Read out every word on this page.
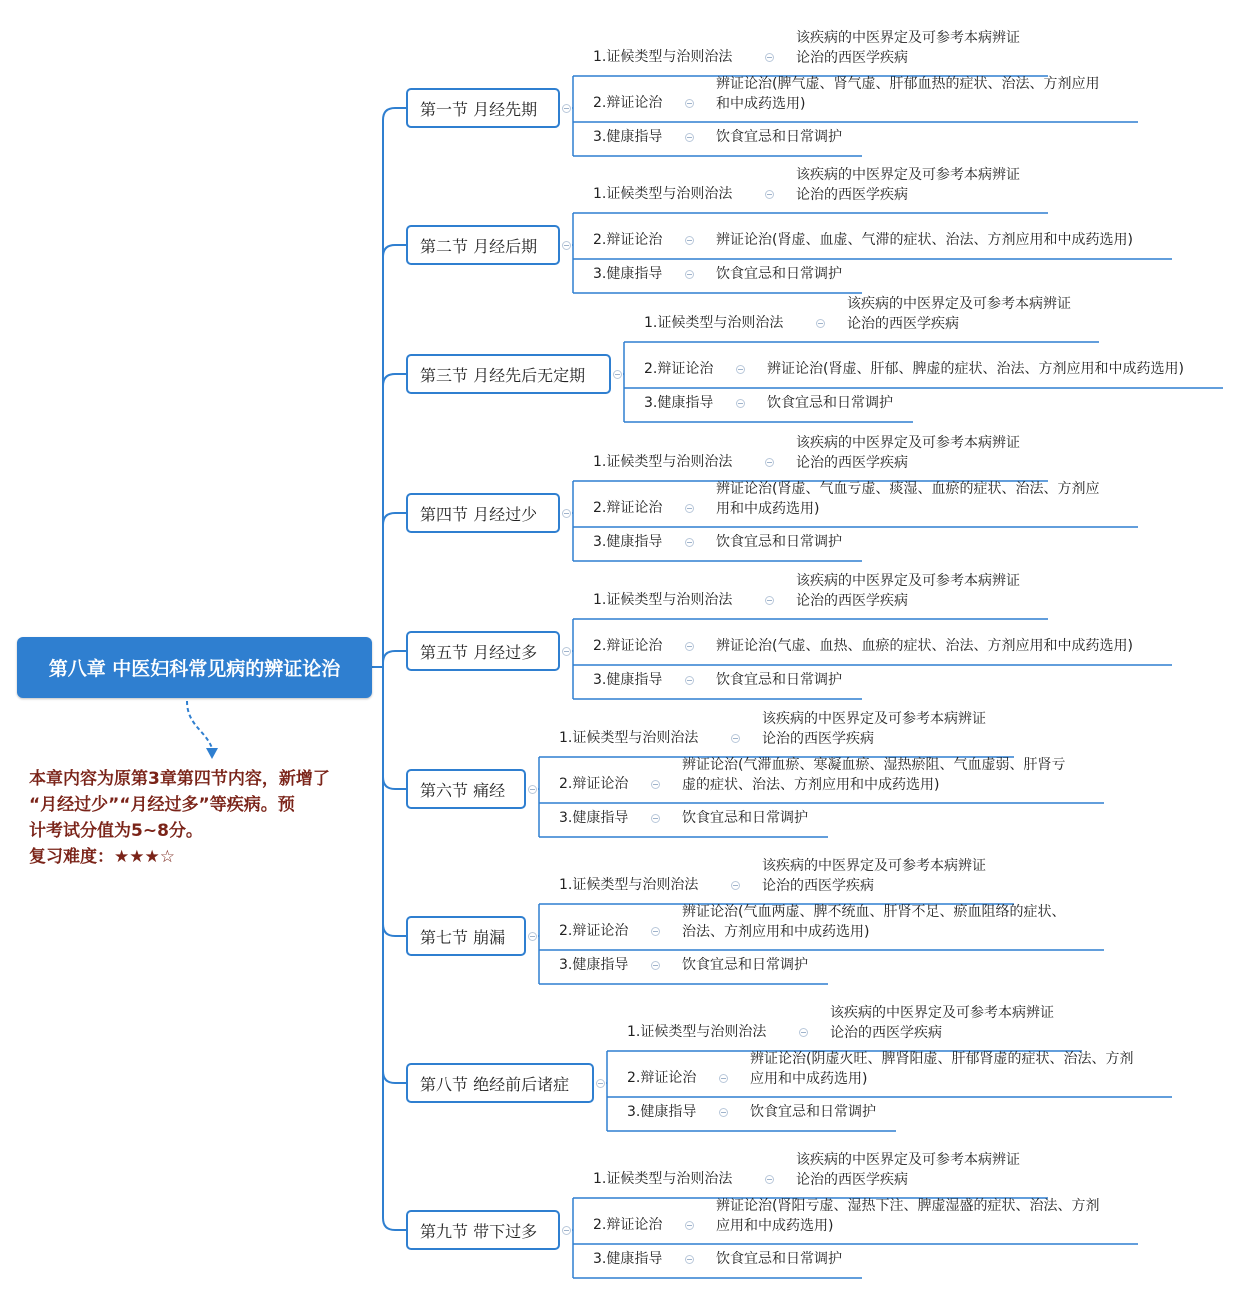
第八章 中医妇科常见病的辨证论治
本章内容为原第3章第四节内容，新增了
“月经过少”“月经过多”等疾病。预
计考试分值为5~8分。
复习难度：★★★☆
第一节 月经先期
1.证候类型与治则治法
该疾病的中医界定及可参考本病辨证
论治的西医学疾病
2.辩证论治
辨证论治(脾气虚、肾气虚、肝郁血热的症状、治法、方剂应用
和中成药选用)
3.健康指导	饮食宜忌和日常调护
第二节 月经后期
1.证候类型与治则治法
该疾病的中医界定及可参考本病辨证
论治的西医学疾病
2.辩证论治	辨证论治(肾虚、血虚、气滞的症状、治法、方剂应用和中成药选用)
3.健康指导	饮食宜忌和日常调护
第三节 月经先后无定期
1.证候类型与治则治法
该疾病的中医界定及可参考本病辨证
论治的西医学疾病
2.辩证论治	辨证论治(肾虚、肝郁、脾虚的症状、治法、方剂应用和中成药选用)
3.健康指导	饮食宜忌和日常调护
第四节 月经过少
1.证候类型与治则治法
该疾病的中医界定及可参考本病辨证
论治的西医学疾病
2.辩证论治
辨证论治(肾虚、气血亏虚、痰湿、血瘀的症状、治法、方剂应
用和中成药选用)
3.健康指导	饮食宜忌和日常调护
第五节 月经过多
1.证候类型与治则治法
该疾病的中医界定及可参考本病辨证
论治的西医学疾病
2.辩证论治	辨证论治(气虚、血热、血瘀的症状、治法、方剂应用和中成药选用)
3.健康指导	饮食宜忌和日常调护
第六节 痛经
1.证候类型与治则治法
该疾病的中医界定及可参考本病辨证
论治的西医学疾病
2.辩证论治
辨证论治(气滞血瘀、寒凝血瘀、湿热瘀阻、气血虚弱、肝肾亏
虚的症状、治法、方剂应用和中成药选用)
3.健康指导	饮食宜忌和日常调护
第七节 崩漏
1.证候类型与治则治法
该疾病的中医界定及可参考本病辨证
论治的西医学疾病
2.辩证论治
辨证论治(气血两虚、脾不统血、肝肾不足、瘀血阻络的症状、
治法、方剂应用和中成药选用)
3.健康指导	饮食宜忌和日常调护
第八节 绝经前后诸症
1.证候类型与治则治法
该疾病的中医界定及可参考本病辨证
论治的西医学疾病
2.辩证论治
辨证论治(阴虚火旺、脾肾阳虚、肝郁肾虚的症状、治法、方剂
应用和中成药选用)
3.健康指导	饮食宜忌和日常调护
第九节 带下过多
1.证候类型与治则治法
该疾病的中医界定及可参考本病辨证
论治的西医学疾病
2.辩证论治
辨证论治(肾阳亏虚、湿热下注、脾虚湿盛的症状、治法、方剂
应用和中成药选用)
3.健康指导	饮食宜忌和日常调护
